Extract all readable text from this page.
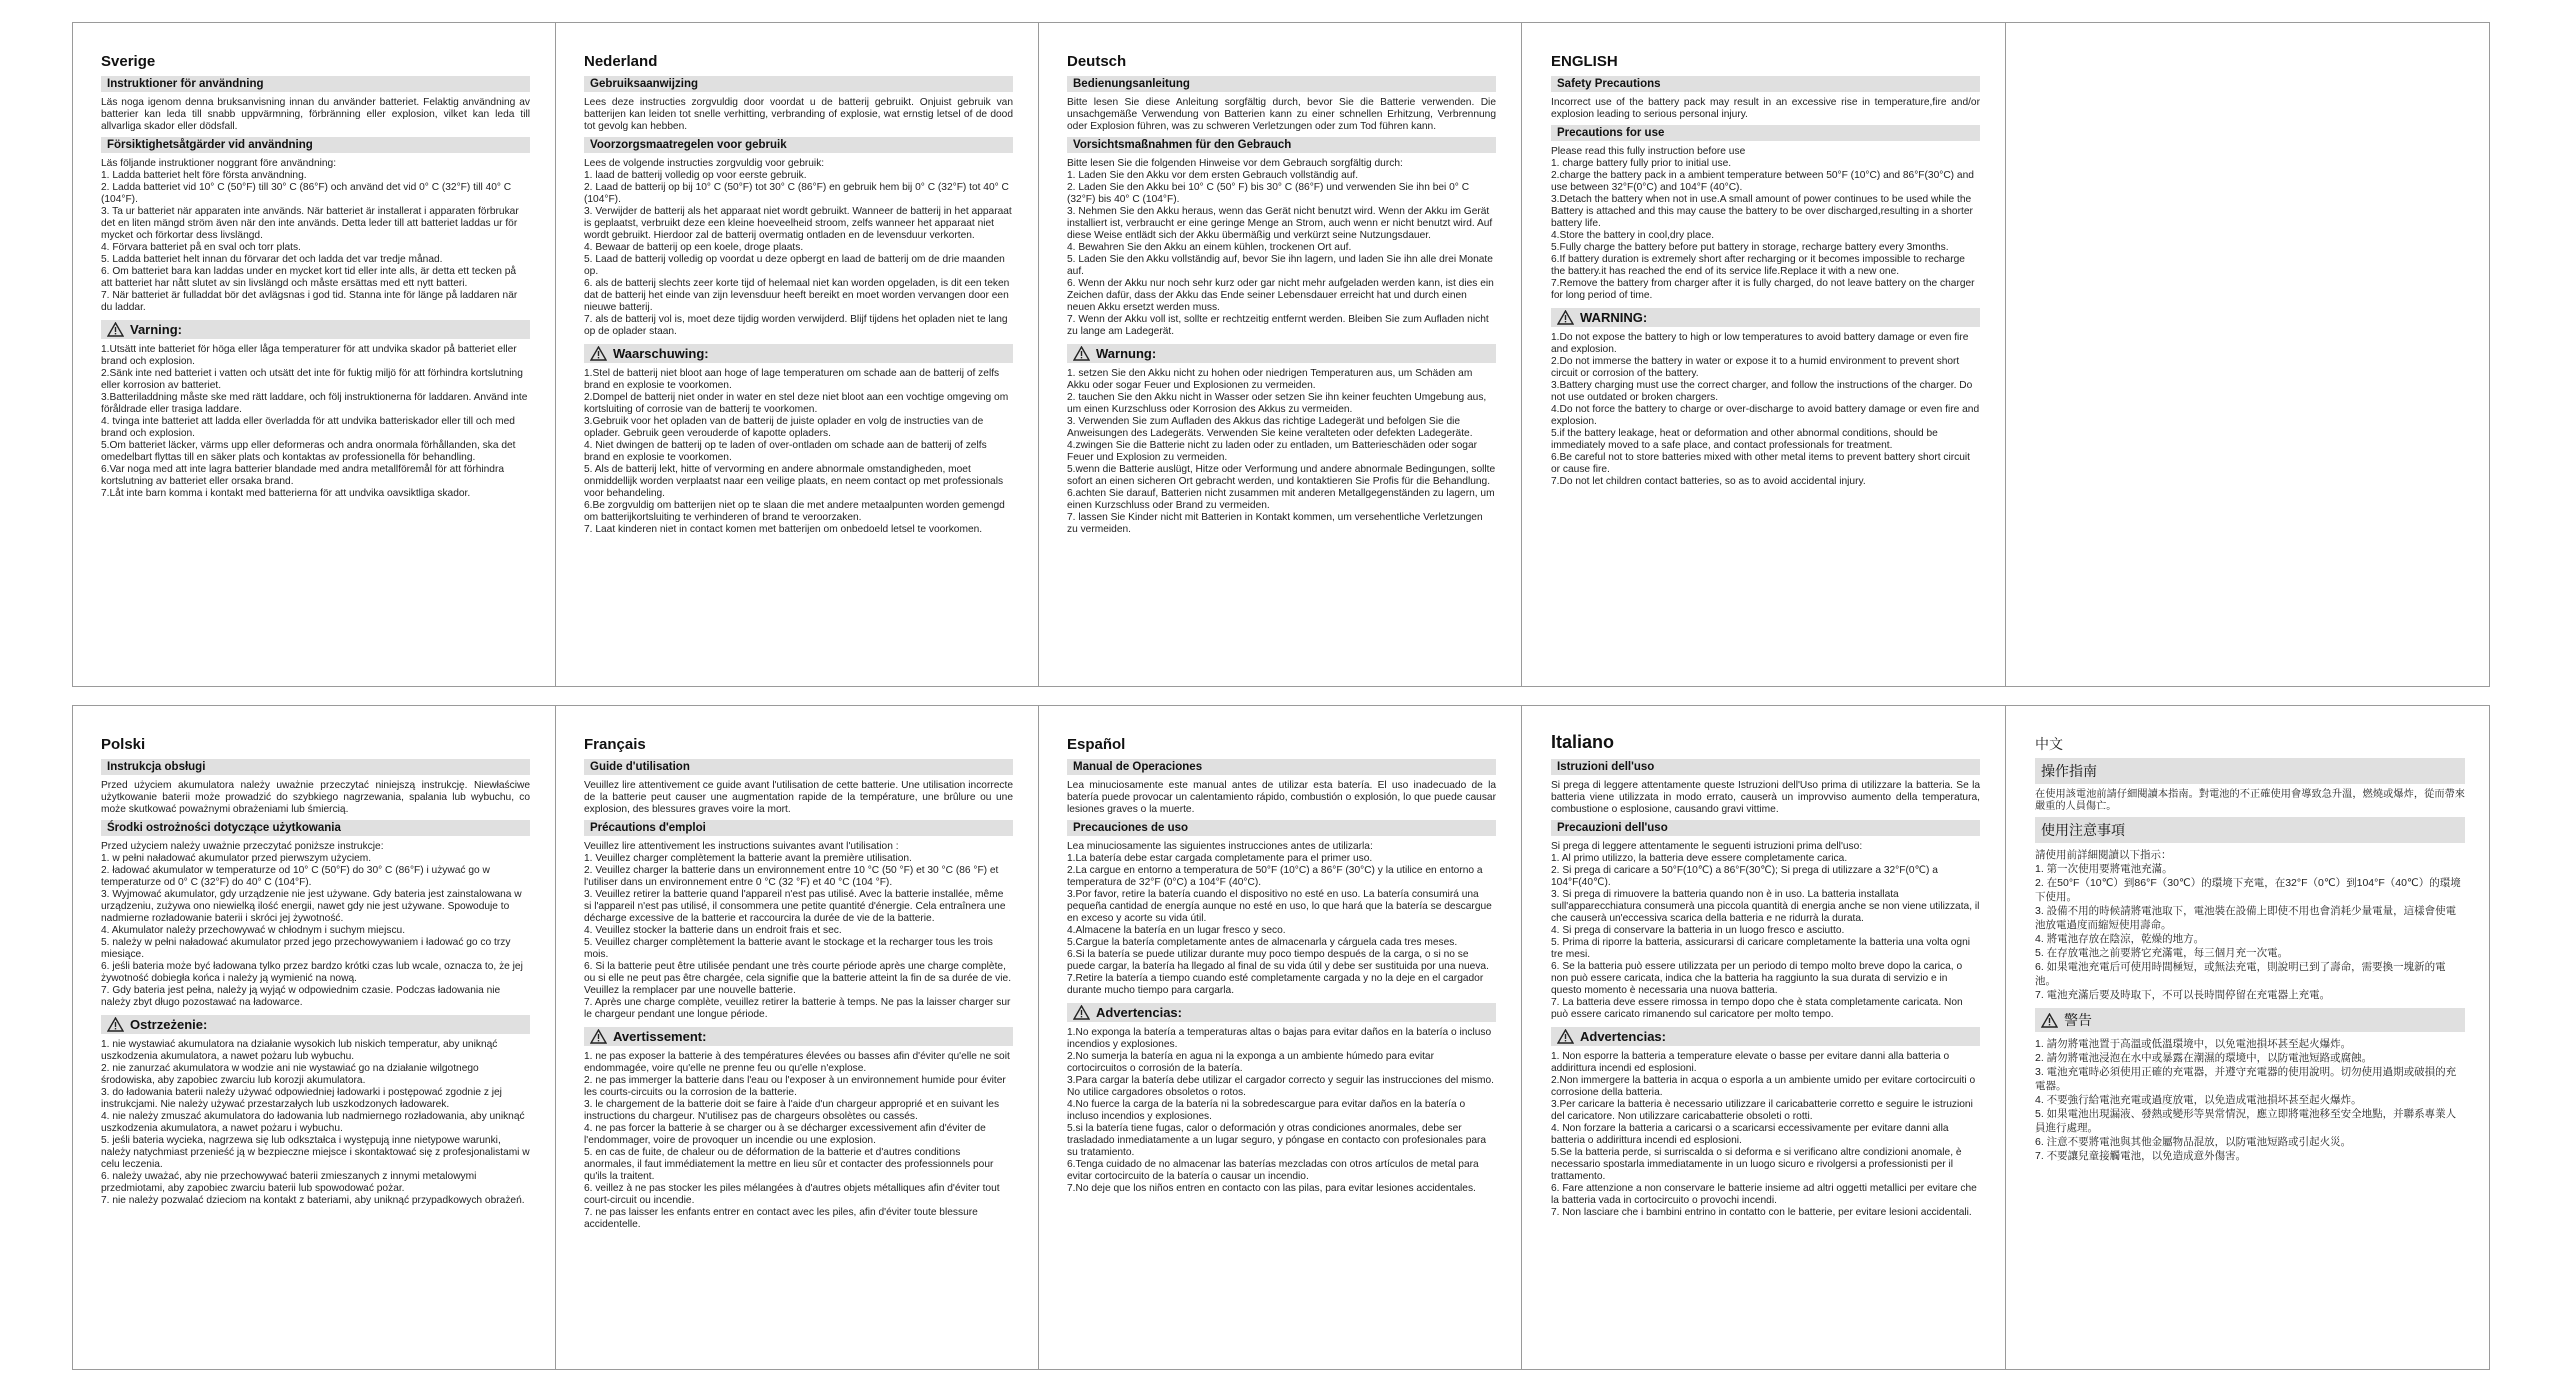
Sverige
Instruktioner för användning

Läs noga igenom denna bruksanvisning innan du använder batteriet. Felaktig användning av batterier kan leda till snabb uppvärmning, förbränning eller explosion, vilket kan leda till allvarliga skador eller dödsfall.

Försiktighetsåtgärder vid användning
Läs följande instruktioner noggrant före användning:
1. Ladda batteriet helt före första användning.
2. Ladda batteriet vid 10° C (50°F) till 30° C (86°F) och använd det vid 0° C (32°F) till 40° C (104°F).
3. Ta ur batteriet när apparaten inte används. När batteriet är installerat i apparaten förbrukar det en liten mängd ström även när den inte används. Detta leder till att batteriet laddas ur för mycket och förkortar dess livslängd.
4. Förvara batteriet på en sval och torr plats.
5. Ladda batteriet helt innan du förvarar det och ladda det var tredje månad.
6. Om batteriet bara kan laddas under en mycket kort tid eller inte alls, är detta ett tecken på att batteriet har nått slutet av sin livslängd och måste ersättas med ett nytt batteri.
7. När batteriet är fulladdat bör det avlägsnas i god tid. Stanna inte för länge på laddaren när du laddar.
Varning:
1.Utsätt inte batteriet för höga eller låga temperaturer för att undvika skador på batteriet eller brand och explosion.
2.Sänk inte ned batteriet i vatten och utsätt det inte för fuktig miljö för att förhindra kortslutning eller korrosion av batteriet.
3.Batteriladdning måste ske med rätt laddare, och följ instruktionerna för laddaren. Använd inte föråldrade eller trasiga laddare.
4. tvinga inte batteriet att ladda eller överladda för att undvika batteriskador eller till och med brand och explosion.
5.Om batteriet läcker, värms upp eller deformeras och andra onormala förhållanden, ska det omedelbart flyttas till en säker plats och kontaktas av professionella för behandling.
6.Var noga med att inte lagra batterier blandade med andra metallföremål för att förhindra kortslutning av batteriet eller orsaka brand.
7.Låt inte barn komma i kontakt med batterierna för att undvika oavsiktliga skador.
Nederland
Gebruiksaanwijzing

Lees deze instructies zorgvuldig door voordat u de batterij gebruikt. Onjuist gebruik van batterijen kan leiden tot snelle verhitting, verbranding of explosie, wat ernstig letsel of de dood tot gevolg kan hebben.

Voorzorgsmaatregelen voor gebruik
Lees de volgende instructies zorgvuldig voor gebruik:
1. laad de batterij volledig op voor eerste gebruik.
2. Laad de batterij op bij 10° C (50°F) tot 30° C (86°F) en gebruik hem bij 0° C (32°F) tot 40° C (104°F).
3. Verwijder de batterij als het apparaat niet wordt gebruikt. Wanneer de batterij in het apparaat is geplaatst, verbruikt deze een kleine hoeveelheid stroom, zelfs wanneer het apparaat niet wordt gebruikt. Hierdoor zal de batterij overmatig ontladen en de levensduur verkorten.
4. Bewaar de batterij op een koele, droge plaats.
5. Laad de batterij volledig op voordat u deze opbergt en laad de batterij om de drie maanden op.
6. als de batterij slechts zeer korte tijd of helemaal niet kan worden opgeladen, is dit een teken dat de batterij het einde van zijn levensduur heeft bereikt en moet worden vervangen door een nieuwe batterij.
7. als de batterij vol is, moet deze tijdig worden verwijderd. Blijf tijdens het opladen niet te lang op de oplader staan.
Waarschuwing:
1.Stel de batterij niet bloot aan hoge of lage temperaturen om schade aan de batterij of zelfs brand en explosie te voorkomen.
2.Dompel de batterij niet onder in water en stel deze niet bloot aan een vochtige omgeving om kortsluiting of corrosie van de batterij te voorkomen.
3.Gebruik voor het opladen van de batterij de juiste oplader en volg de instructies van de oplader. Gebruik geen verouderde of kapotte opladers.
4. Niet dwingen de batterij op te laden of over-ontladen om schade aan de batterij of zelfs brand en explosie te voorkomen.
5. Als de batterij lekt, hitte of vervorming en andere abnormale omstandigheden, moet onmiddellijk worden verplaatst naar een veilige plaats, en neem contact op met professionals voor behandeling.
6.Be zorgvuldig om batterijen niet op te slaan die met andere metaalpunten worden gemengd om batterijkortsluiting te verhinderen of brand te veroorzaken.
7. Laat kinderen niet in contact komen met batterijen om onbedoeld letsel te voorkomen.
Deutsch
Bedienungsanleitung

Bitte lesen Sie diese Anleitung sorgfältig durch, bevor Sie die Batterie verwenden. Die unsachgemäße Verwendung von Batterien kann zu einer schnellen Erhitzung, Verbrennung oder Explosion führen, was zu schweren Verletzungen oder zum Tod führen kann.

Vorsichtsmaßnahmen für den Gebrauch
Bitte lesen Sie die folgenden Hinweise vor dem Gebrauch sorgfältig durch:
1. Laden Sie den Akku vor dem ersten Gebrauch vollständig auf.
2. Laden Sie den Akku bei 10° C (50° F) bis 30° C (86°F) und verwenden Sie ihn bei 0° C (32°F) bis 40° C (104°F).
3. Nehmen Sie den Akku heraus, wenn das Gerät nicht benutzt wird. Wenn der Akku im Gerät installiert ist, verbraucht er eine geringe Menge an Strom, auch wenn er nicht benutzt wird. Auf diese Weise entlädt sich der Akku übermäßig und verkürzt seine Nutzungsdauer.
4. Bewahren Sie den Akku an einem kühlen, trockenen Ort auf.
5. Laden Sie den Akku vollständig auf, bevor Sie ihn lagern, und laden Sie ihn alle drei Monate auf.
6. Wenn der Akku nur noch sehr kurz oder gar nicht mehr aufgeladen werden kann, ist dies ein Zeichen dafür, dass der Akku das Ende seiner Lebensdauer erreicht hat und durch einen neuen Akku ersetzt werden muss.
7. Wenn der Akku voll ist, sollte er rechtzeitig entfernt werden. Bleiben Sie zum Aufladen nicht zu lange am Ladegerät.
Warnung:
1. setzen Sie den Akku nicht zu hohen oder niedrigen Temperaturen aus, um Schäden am Akku oder sogar Feuer und Explosionen zu vermeiden.
2. tauchen Sie den Akku nicht in Wasser oder setzen Sie ihn keiner feuchten Umgebung aus, um einen Kurzschluss oder Korrosion des Akkus zu vermeiden.
3. Verwenden Sie zum Aufladen des Akkus das richtige Ladegerät und befolgen Sie die Anweisungen des Ladegeräts. Verwenden Sie keine veralteten oder defekten Ladegeräte.
4.zwingen Sie die Batterie nicht zu laden oder zu entladen, um Batterieschäden oder sogar Feuer und Explosion zu vermeiden.
5.wenn die Batterie auslügt, Hitze oder Verformung und andere abnormale Bedingungen, sollte sofort an einen sicheren Ort gebracht werden, und kontaktieren Sie Profis für die Behandlung.
6.achten Sie darauf, Batterien nicht zusammen mit anderen Metallgegenständen zu lagern, um einen Kurzschluss oder Brand zu vermeiden.
7. lassen Sie Kinder nicht mit Batterien in Kontakt kommen, um versehentliche Verletzungen zu vermeiden.
ENGLISH
Safety Precautions

Incorrect use of the battery pack may result in an excessive rise in temperature,fire and/or explosion leading to serious personal injury.

Precautions for use
Please read this fully instruction before use
1. charge battery fully prior to initial use.
2.charge the battery pack in a ambient temperature between 50°F (10°C) and 86°F(30°C) and use between 32°F(0°C) and 104°F (40°C).
3.Detach the battery when not in use.A small amount of power continues to be used while the Battery is attached and this may cause the battery to be over discharged,resulting in a shorter battery life.
4.Store the battery in cool,dry place.
5.Fully charge the battery before put battery in storage, recharge battery every 3months.
6.If battery duration is extremely short after recharging or it becomes impossible to recharge the battery.it has reached the end of its service life.Replace it with a new one.
7.Remove the battery from charger after it is fully charged, do not leave battery on the charger for long period of time.
WARNING:
1.Do not expose the battery to high or low temperatures to avoid battery damage or even fire and explosion.
2.Do not immerse the battery in water or expose it to a humid environment to prevent short circuit or corrosion of the battery.
3.Battery charging must use the correct charger, and follow the instructions of the charger. Do not use outdated or broken chargers.
4.Do not force the battery to charge or over-discharge to avoid battery damage or even fire and explosion.
5.if the battery leakage, heat or deformation and other abnormal conditions, should be immediately moved to a safe place, and contact professionals for treatment.
6.Be careful not to store batteries mixed with other metal items to prevent battery short circuit or cause fire.
7.Do not let children contact batteries, so as to avoid accidental injury.
Polski
Instrukcja obsługi

Przed użyciem akumulatora należy uważnie przeczytać niniejszą instrukcję. Niewłaściwe użytkowanie baterii może prowadzić do szybkiego nagrzewania, spalania lub wybuchu, co może skutkować poważnymi obrażeniami lub śmiercią.

Środki ostrożności dotyczące użytkowania
Przed użyciem należy uważnie przeczytać poniższe instrukcje:
1. w pełni naładować akumulator przed pierwszym użyciem.
2. ładować akumulator w temperaturze od 10° C (50°F) do 30° C (86°F) i używać go w temperaturze od 0° C (32°F) do 40° C (104°F).
3. Wyjmować akumulator, gdy urządzenie nie jest używane. Gdy bateria jest zainstalowana w urządzeniu, zużywa ono niewielką ilość energii, nawet gdy nie jest używane. Spowoduje to nadmierne rozładowanie baterii i skróci jej żywotność.
4. Akumulator należy przechowywać w chłodnym i suchym miejscu.
5. należy w pełni naładować akumulator przed jego przechowywaniem i ładować go co trzy miesiące.
6. jeśli bateria może być ładowana tylko przez bardzo krótki czas lub wcale, oznacza to, że jej żywotność dobiegła końca i należy ją wymienić na nową.
7. Gdy bateria jest pełna, należy ją wyjąć w odpowiednim czasie. Podczas ładowania nie należy zbyt długo pozostawać na ładowarce.
Ostrzeżenie:
1. nie wystawiać akumulatora na działanie wysokich lub niskich temperatur, aby uniknąć uszkodzenia akumulatora, a nawet pożaru lub wybuchu.
2. nie zanurzać akumulatora w wodzie ani nie wystawiać go na działanie wilgotnego środowiska, aby zapobiec zwarciu lub korozji akumulatora.
3. do ładowania baterii należy używać odpowiedniej ładowarki i postępować zgodnie z jej instrukcjami. Nie należy używać przestarzałych lub uszkodzonych ładowarek.
4. nie należy zmuszać akumulatora do ładowania lub nadmiernego rozładowania, aby uniknąć uszkodzenia akumulatora, a nawet pożaru i wybuchu.
5. jeśli bateria wycieka, nagrzewa się lub odkształca i występują inne nietypowe warunki, należy natychmiast przenieść ją w bezpieczne miejsce i skontaktować się z profesjonalistami w celu leczenia.
6. należy uważać, aby nie przechowywać baterii zmieszanych z innymi metalowymi przedmiotami, aby zapobiec zwarciu baterii lub spowodować pożar.
7. nie należy pozwalać dzieciom na kontakt z bateriami, aby uniknąć przypadkowych obrażeń.
Français
Guide d'utilisation

Veuillez lire attentivement ce guide avant l'utilisation de cette batterie. Une utilisation incorrecte de la batterie peut causer une augmentation rapide de la température, une brûlure ou une explosion, des blessures graves voire la mort.

Précautions d'emploi
Veuillez lire attentivement les instructions suivantes avant l'utilisation :
1. Veuillez charger complètement la batterie avant la première utilisation.
2. Veuillez charger la batterie dans un environnement entre 10 °C (50 °F) et 30 °C (86 °F) et l'utiliser dans un environnement entre 0 °C (32 °F) et 40 °C (104 °F).
3. Veuillez retirer la batterie quand l'appareil n'est pas utilisé. Avec la batterie installée, même si l'appareil n'est pas utilisé, il consommera une petite quantité d'énergie. Cela entraînera une décharge excessive de la batterie et raccourcira la durée de vie de la batterie.
4. Veuillez stocker la batterie dans un endroit frais et sec.
5. Veuillez charger complètement la batterie avant le stockage et la recharger tous les trois mois.
6. Si la batterie peut être utilisée pendant une très courte période après une charge complète, ou si elle ne peut pas être chargée, cela signifie que la batterie atteint la fin de sa durée de vie. Veuillez la remplacer par une nouvelle batterie.
7. Après une charge complète, veuillez retirer la batterie à temps. Ne pas la laisser charger sur le chargeur pendant une longue période.
Avertissement:
1. ne pas exposer la batterie à des températures élevées ou basses afin d'éviter qu'elle ne soit endommagée, voire qu'elle ne prenne feu ou qu'elle n'explose.
2. ne pas immerger la batterie dans l'eau ou l'exposer à un environnement humide pour éviter les courts-circuits ou la corrosion de la batterie.
3. le chargement de la batterie doit se faire à l'aide d'un chargeur approprié et en suivant les instructions du chargeur. N'utilisez pas de chargeurs obsolètes ou cassés.
4. ne pas forcer la batterie à se charger ou à se décharger excessivement afin d'éviter de l'endommager, voire de provoquer un incendie ou une explosion.
5. en cas de fuite, de chaleur ou de déformation de la batterie et d'autres conditions anormales, il faut immédiatement la mettre en lieu sûr et contacter des professionnels pour qu'ils la traitent.
6. veillez à ne pas stocker les piles mélangées à d'autres objets métalliques afin d'éviter tout court-circuit ou incendie.
7. ne pas laisser les enfants entrer en contact avec les piles, afin d'éviter toute blessure accidentelle.
Español
Manual de Operaciones

Lea minuciosamente este manual antes de utilizar esta batería. El uso inadecuado de la batería puede provocar un calentamiento rápido, combustión o explosión, lo que puede causar lesiones graves o la muerte.

Precauciones de uso
Lea minuciosamente las siguientes instrucciones antes de utilizarla:
1.La batería debe estar cargada completamente para el primer uso.
2.La cargue en entorno a temperatura de 50°F (10°C) a 86°F (30°C) y la utilice en entorno a temperatura de 32°F (0°C) a 104°F (40°C).
3.Por favor, retire la batería cuando el dispositivo no esté en uso. La batería consumirá una pequeña cantidad de energía aunque no esté en uso, lo que hará que la batería se descargue en exceso y acorte su vida útil.
4.Almacene la batería en un lugar fresco y seco.
5.Cargue la batería completamente antes de almacenarla y cárguela cada tres meses.
6.Si la batería se puede utilizar durante muy poco tiempo después de la carga, o si no se puede cargar, la batería ha llegado al final de su vida útil y debe ser sustituida por una nueva.
7.Retire la batería a tiempo cuando esté completamente cargada y no la deje en el cargador durante mucho tiempo para cargarla.
Advertencias:
1.No exponga la batería a temperaturas altas o bajas para evitar daños en la batería o incluso incendios y explosiones.
2.No sumerja la batería en agua ni la exponga a un ambiente húmedo para evitar cortocircuitos o corrosión de la batería.
3.Para cargar la batería debe utilizar el cargador correcto y seguir las instrucciones del mismo. No utilice cargadores obsoletos o rotos.
4.No fuerce la carga de la batería ni la sobredescargue para evitar daños en la batería o incluso incendios y explosiones.
5.si la batería tiene fugas, calor o deformación y otras condiciones anormales, debe ser trasladado inmediatamente a un lugar seguro, y póngase en contacto con profesionales para su tratamiento.
6.Tenga cuidado de no almacenar las baterías mezcladas con otros artículos de metal para evitar cortocircuito de la batería o causar un incendio.
7.No deje que los niños entren en contacto con las pilas, para evitar lesiones accidentales.
Italiano
Istruzioni dell'uso

Si prega di leggere attentamente queste Istruzioni dell'Uso prima di utilizzare la batteria. Se la batteria viene utilizzata in modo errato, causerà un improvviso aumento della temperatura, combustione o esplosione, causando gravi vittime.

Precauzioni dell'uso
Si prega di leggere attentamente le seguenti istruzioni prima dell'uso:
1. Al primo utilizzo, la batteria deve essere completamente carica.
2. Si prega di caricare a 50°F(10℃) a 86°F(30℃); Si prega di utilizzare a 32°F(0℃) a 104°F(40℃).
3. Si prega di rimuovere la batteria quando non è in uso. La batteria installata sull'apparecchiatura consumerà una piccola quantità di energia anche se non viene utilizzata, il che causerà un'eccessiva scarica della batteria e ne ridurrà la durata.
4. Si prega di conservare la batteria in un luogo fresco e asciutto.
5. Prima di riporre la batteria, assicurarsi di caricare completamente la batteria una volta ogni tre mesi.
6. Se la batteria può essere utilizzata per un periodo di tempo molto breve dopo la carica, o non può essere caricata, indica che la batteria ha raggiunto la sua durata di servizio e in questo momento è necessaria una nuova batteria.
7. La batteria deve essere rimossa in tempo dopo che è stata completamente caricata. Non può essere caricato rimanendo sul caricatore per molto tempo.
Advertencias:
1. Non esporre la batteria a temperature elevate o basse per evitare danni alla batteria o addirittura incendi ed esplosioni.
2.Non immergere la batteria in acqua o esporla a un ambiente umido per evitare cortocircuiti o corrosione della batteria.
3.Per caricare la batteria è necessario utilizzare il caricabatterie corretto e seguire le istruzioni del caricatore. Non utilizzare caricabatterie obsoleti o rotti.
4. Non forzare la batteria a caricarsi o a scaricarsi eccessivamente per evitare danni alla batteria o addirittura incendi ed esplosioni.
5.Se la batteria perde, si surriscalda o si deforma e si verificano altre condizioni anomale, è necessario spostarla immediatamente in un luogo sicuro e rivolgersi a professionisti per il trattamento.
6. Fare attenzione a non conservare le batterie insieme ad altri oggetti metallici per evitare che la batteria vada in cortocircuito o provochi incendi.
7. Non lasciare che i bambini entrino in contatto con le batterie, per evitare lesioni accidentali.
中文
操作指南

在使用該電池前請仔細閱讀本指南。對電池的不正確使用會導致急升溫，燃燒或爆炸，從而帶來嚴重的人員傷亡。

使用注意事項
請使用前詳細閱讀以下指示：
1. 第一次使用要將電池充滿。
2. 在50°F（10℃）到86°F（30℃）的環境下充電，在32°F（0℃）到104°F（40℃）的環境下使用。
3. 設備不用的時候請將電池取下，電池裝在設備上即使不用也會消耗少量電量，這樣會使電池放電過度而縮短使用壽命。
4. 將電池存放在陰涼，乾燥的地方。
5. 在存放電池之前要將它充滿電，每三個月充一次電。
6. 如果電池充電后可使用時間極短，或無法充電，則說明已到了壽命，需要換一塊新的電池。
7. 電池充滿后要及時取下，不可以長時間停留在充電器上充電。
警告
1. 請勿將電池置于高溫或低溫環境中，以免電池損坏甚至起火爆炸。
2. 請勿將電池浸泡在水中或暴露在潮濕的環境中，以防電池短路或腐蝕。
3. 電池充電時必須使用正確的充電器，并遵守充電器的使用說明。切勿使用過期或破損的充電器。
4. 不要強行給電池充電或過度放電，以免造成電池損坏甚至起火爆炸。
5. 如果電池出現漏液、發熱或變形等異常情況，應立即將電池移至安全地點，并聯系專業人員進行處理。
6. 注意不要將電池與其他金屬物品混放，以防電池短路或引起火災。
7. 不要讓兒童接觸電池，以免造成意外傷害。
